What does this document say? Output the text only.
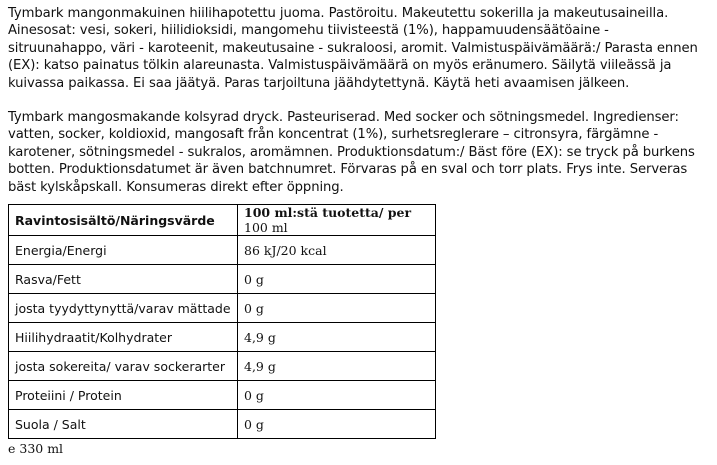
Tymbark mangonmakuinen hiilihapotettu juoma. Pastöroitu. Makeutettu sokerilla ja makeutusaineilla. Ainesosat: vesi, sokeri, hiilidioksidi, mangomehu tiivisteestä (1%), happamuudensäätöaine - sitruunahappo, väri - karoteenit, makeutusaine - sukraloosi, aromit. Valmistuspäivämäärä:/ Parasta ennen (EX): katso painatus tölkin alareunasta. Valmistuspäivämäärä on myös eränumero. Säilytä viileässä ja kuivassa paikassa. Ei saa jäätyä. Paras tarjoiltuna jäähdytettynä. Käytä heti avaamisen jälkeen.

Tymbark mangosmakande kolsyrad dryck. Pasteuriserad. Med socker och sötningsmedel. Ingredienser: vatten, socker, koldioxid, mangosaft från koncentrat (1%), surhetsreglerare – citronsyra, färgämne - karotener, sötningsmedel - sukralos, aromämnen. Produktionsdatum:/ Bäst före (EX): se tryck på burkens botten. Produktionsdatumet är även batchnumret. Förvaras på en sval och torr plats. Frys inte. Serveras bäst kylskåpskall. Konsumeras direkt efter öppning.

Ravintosisältö/Näringsvärde	100 ml:stä tuotetta/ per 100 ml
Energia/Energi	86 kJ/20 kcal
Rasva/Fett	0 g
josta tyydyttynyttä/varav mättade	0 g
Hiilihydraatit/Kolhydrater	4,9 g
josta sokereita/ varav sockerarter	4,9 g
Proteiini / Protein	0 g
Suola / Salt	0 g
e 330 ml
